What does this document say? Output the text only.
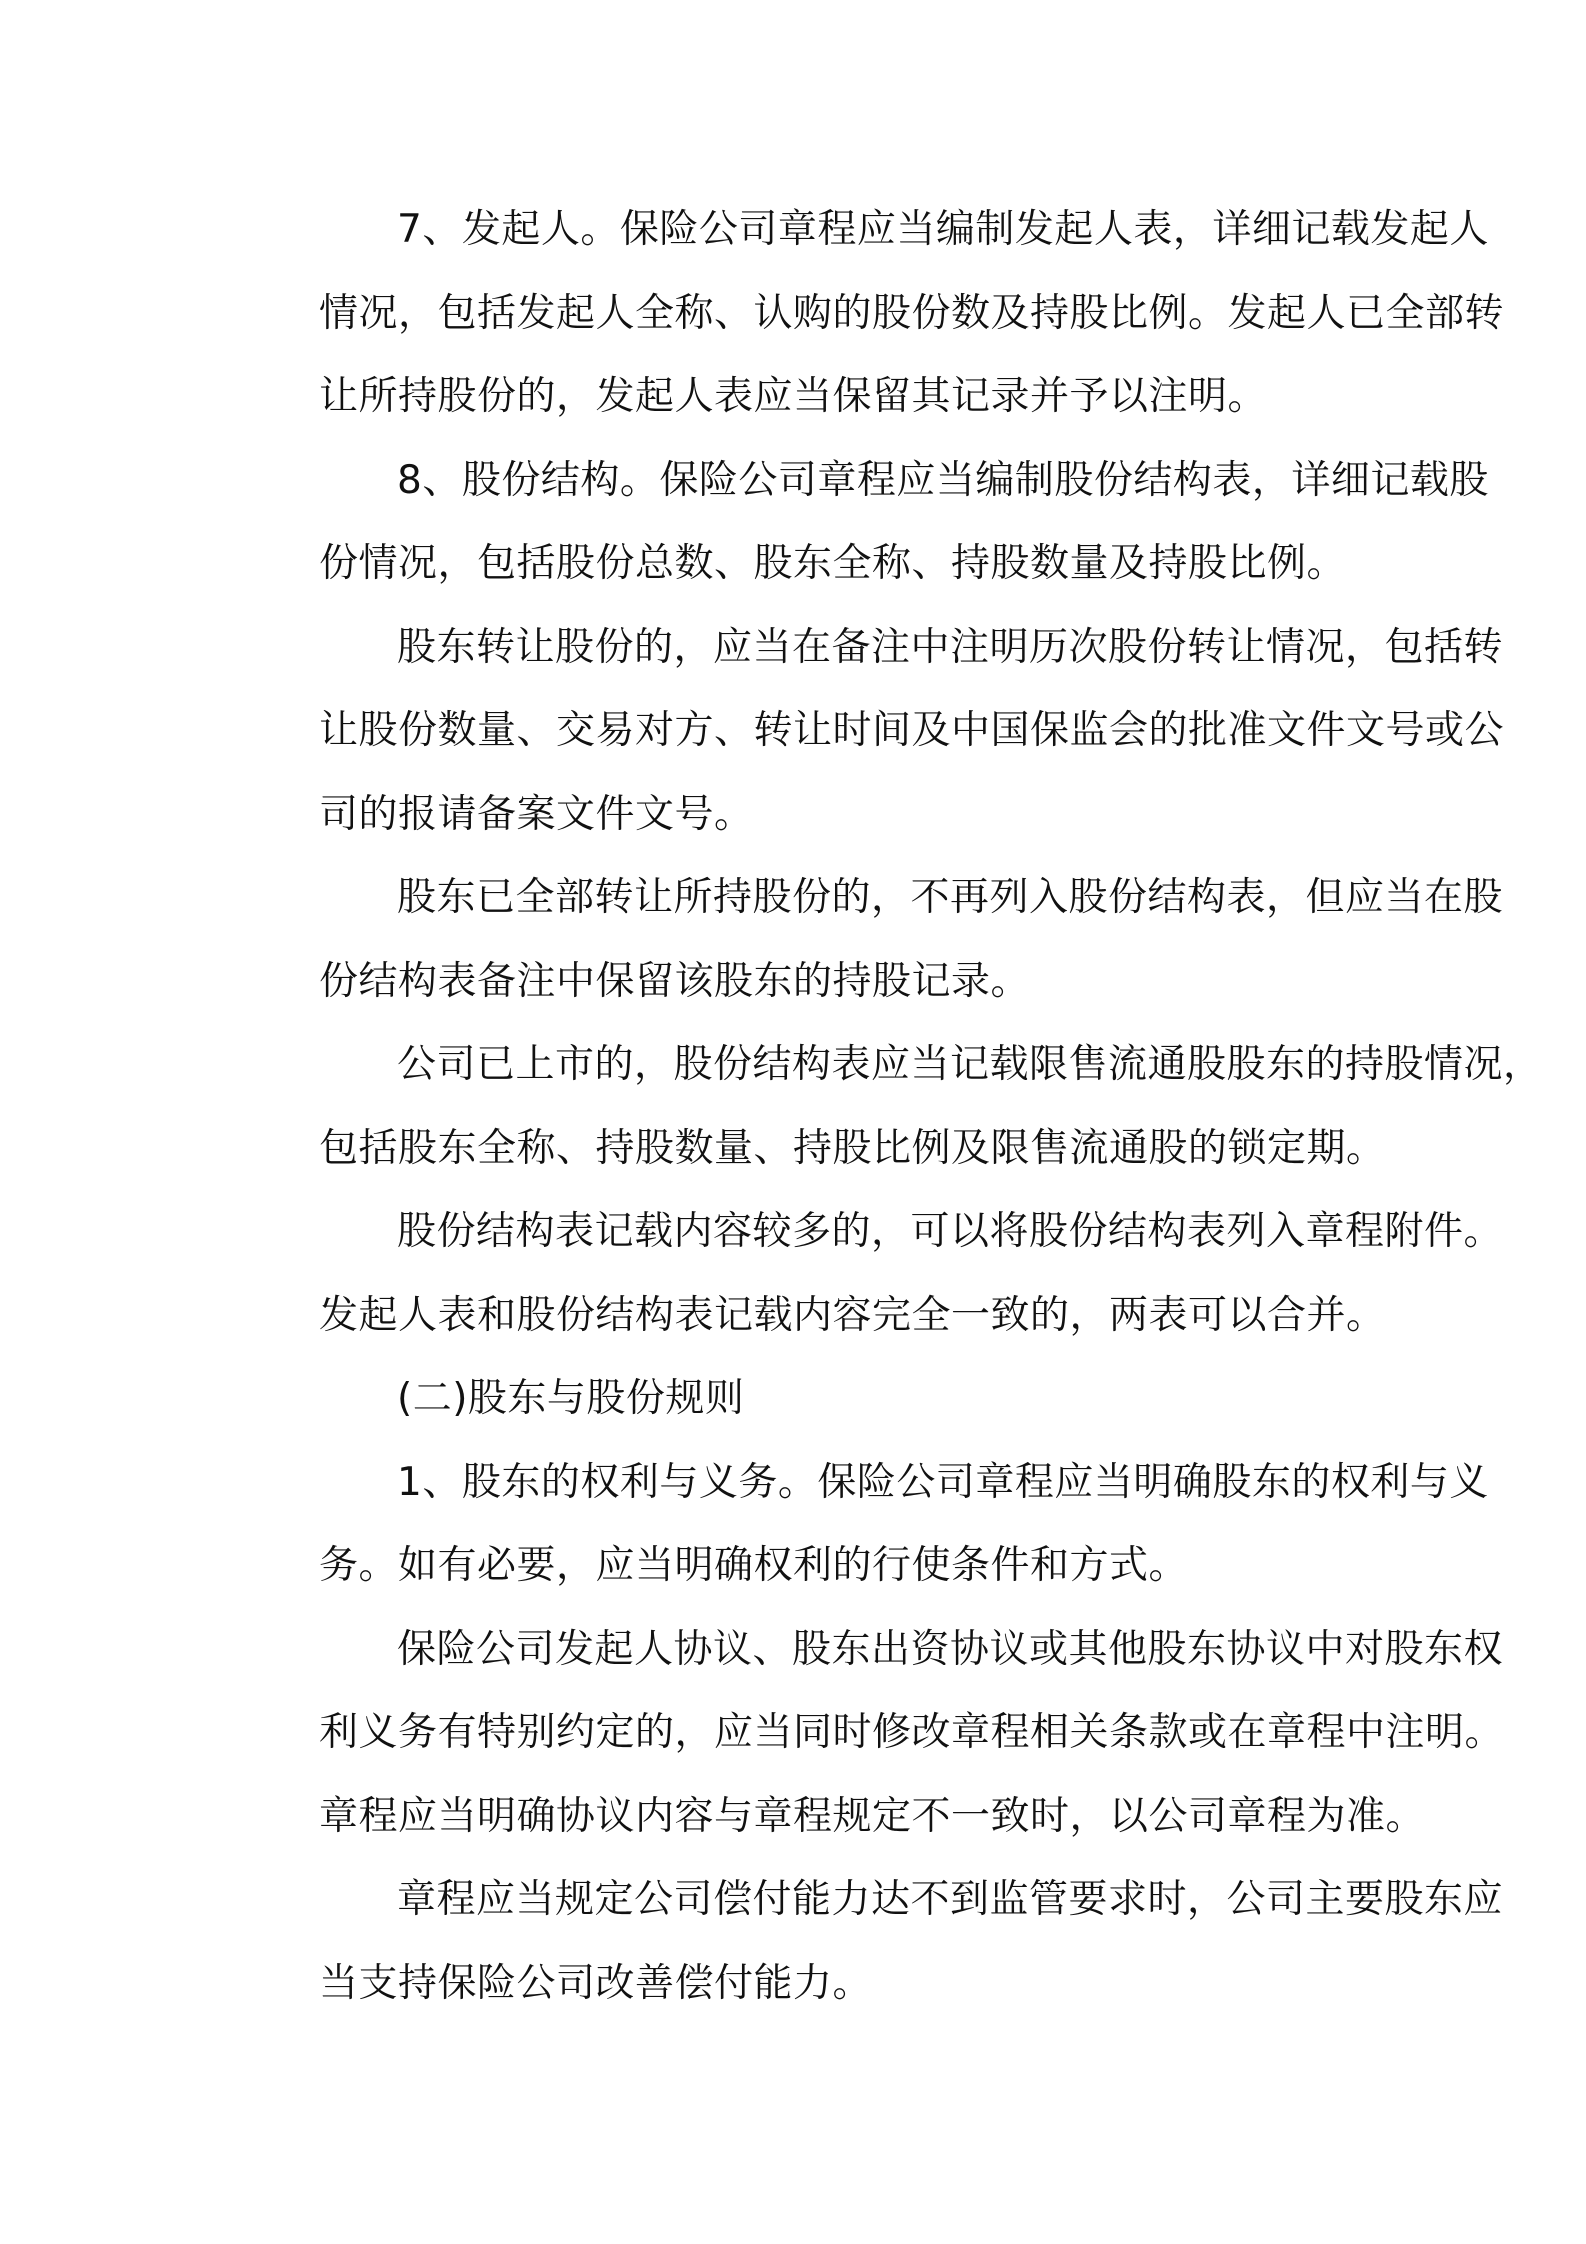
7、发起人。保险公司章程应当编制发起人表，详细记载发起人
情况，包括发起人全称、认购的股份数及持股比例。发起人已全部转
让所持股份的，发起人表应当保留其记录并予以注明。
8、股份结构。保险公司章程应当编制股份结构表，详细记载股
份情况，包括股份总数、股东全称、持股数量及持股比例。
股东转让股份的，应当在备注中注明历次股份转让情况，包括转
让股份数量、交易对方、转让时间及中国保监会的批准文件文号或公
司的报请备案文件文号。
股东已全部转让所持股份的，不再列入股份结构表，但应当在股
份结构表备注中保留该股东的持股记录。
公司已上市的，股份结构表应当记载限售流通股股东的持股情况，
包括股东全称、持股数量、持股比例及限售流通股的锁定期。
股份结构表记载内容较多的，可以将股份结构表列入章程附件。
发起人表和股份结构表记载内容完全一致的，两表可以合并。
(二)股东与股份规则
1、股东的权利与义务。保险公司章程应当明确股东的权利与义
务。如有必要，应当明确权利的行使条件和方式。
保险公司发起人协议、股东出资协议或其他股东协议中对股东权
利义务有特别约定的，应当同时修改章程相关条款或在章程中注明。
章程应当明确协议内容与章程规定不一致时，以公司章程为准。
章程应当规定公司偿付能力达不到监管要求时，公司主要股东应
当支持保险公司改善偿付能力。
